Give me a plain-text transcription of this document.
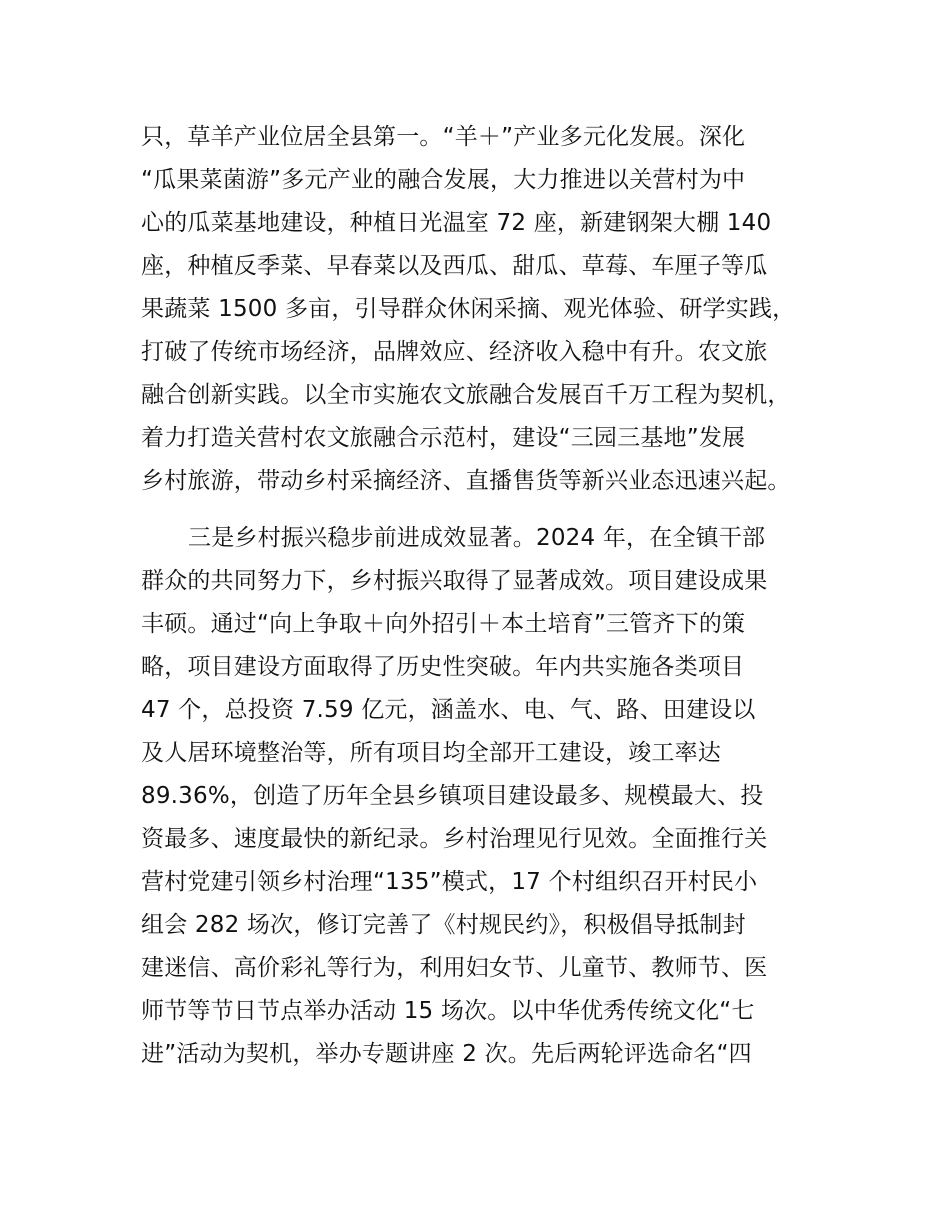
只，草羊产业位居全县第一。“羊＋”产业多元化发展。深化
“瓜果菜菌游”多元产业的融合发展，大力推进以关营村为中
心的瓜菜基地建设，种植日光温室 72 座，新建钢架大棚 140
座，种植反季菜、早春菜以及西瓜、甜瓜、草莓、车厘子等瓜
果蔬菜 1500 多亩，引导群众休闲采摘、观光体验、研学实践，
打破了传统市场经济，品牌效应、经济收入稳中有升。农文旅
融合创新实践。以全市实施农文旅融合发展百千万工程为契机，
着力打造关营村农文旅融合示范村，建设“三园三基地”发展
乡村旅游，带动乡村采摘经济、直播售货等新兴业态迅速兴起。
三是乡村振兴稳步前进成效显著。2024 年，在全镇干部
群众的共同努力下，乡村振兴取得了显著成效。项目建设成果
丰硕。通过“向上争取＋向外招引＋本土培育”三管齐下的策
略，项目建设方面取得了历史性突破。年内共实施各类项目
47 个，总投资 7.59 亿元，涵盖水、电、气、路、田建设以
及人居环境整治等，所有项目均全部开工建设，竣工率达
89.36%，创造了历年全县乡镇项目建设最多、规模最大、投
资最多、速度最快的新纪录。乡村治理见行见效。全面推行关
营村党建引领乡村治理“135”模式，17 个村组织召开村民小
组会 282 场次，修订完善了《村规民约》，积极倡导抵制封
建迷信、高价彩礼等行为，利用妇女节、儿童节、教师节、医
师节等节日节点举办活动 15 场次。以中华优秀传统文化“七
进”活动为契机，举办专题讲座 2 次。先后两轮评选命名“四
